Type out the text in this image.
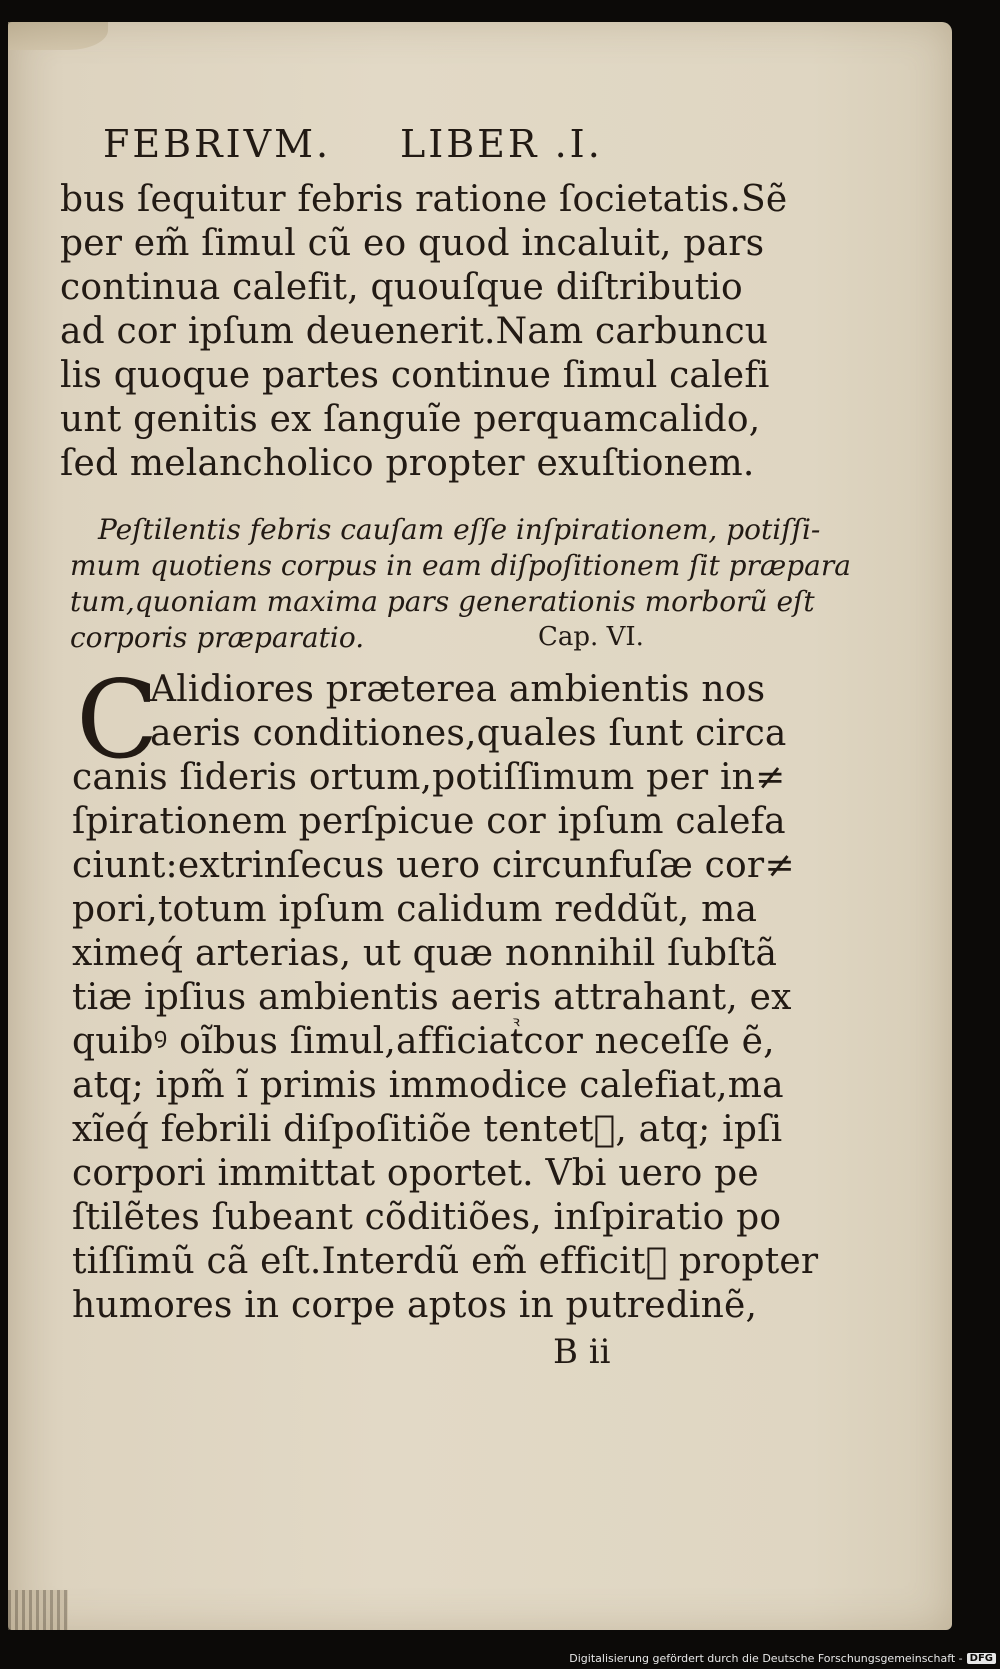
FEBRIVM. LIBER .I.
bus ſequitur febris ratione ſocietatis.Sẽ
per em̃ ſimul cũ eo quod incaluit, pars
continua calefit, quouſque diſtributio
ad cor ipſum deuenerit.Nam carbuncu
lis quoque partes continue ſimul calefi
unt genitis ex ſanguĩe perquamcalido,
ſed melancholico propter exuſtionem.
Peſtilentis febris cauſam eſſe inſpirationem, potiſſi-
mum quotiens corpus in eam diſpoſitionem ſit præpara
tum,quoniam maxima pars generationis morborũ eſt
corporis præparatio.	Cap. VI.
C
Alidiores præterea ambientis nos
aeris conditiones,quales ſunt circa
canis ſideris ortum,potiſſimum per in≠
ſpirationem perſpicue cor ipſum calefa
ciunt:extrinſecus uero circunfuſæ cor≠
pori,totum ipſum calidum reddũt, ma
ximeq́ arterias, ut quæ nonnihil ſubſtã
tiæ ipſius ambientis aeris attrahant, ex
quibꝰ oĩbus ſimul,afficiatᷣcor neceſſe ẽ,
atq; ipm̃ ĩ primis immodice calefiat,ma
xĩeq́ febrili diſpoſitiõe tentetᷣ, atq; ipſi
corpori immittat oportet. Vbi uero pe
ſtilẽtes ſubeant cõditiões, inſpiratio po
tiſſimũ cã eſt.Interdũ em̃ efficitᷣ propter
humores in corpe aptos in putredinẽ,
B ii
Digitalisierung gefördert durch die Deutsche Forschungsgemeinschaft - DFG
